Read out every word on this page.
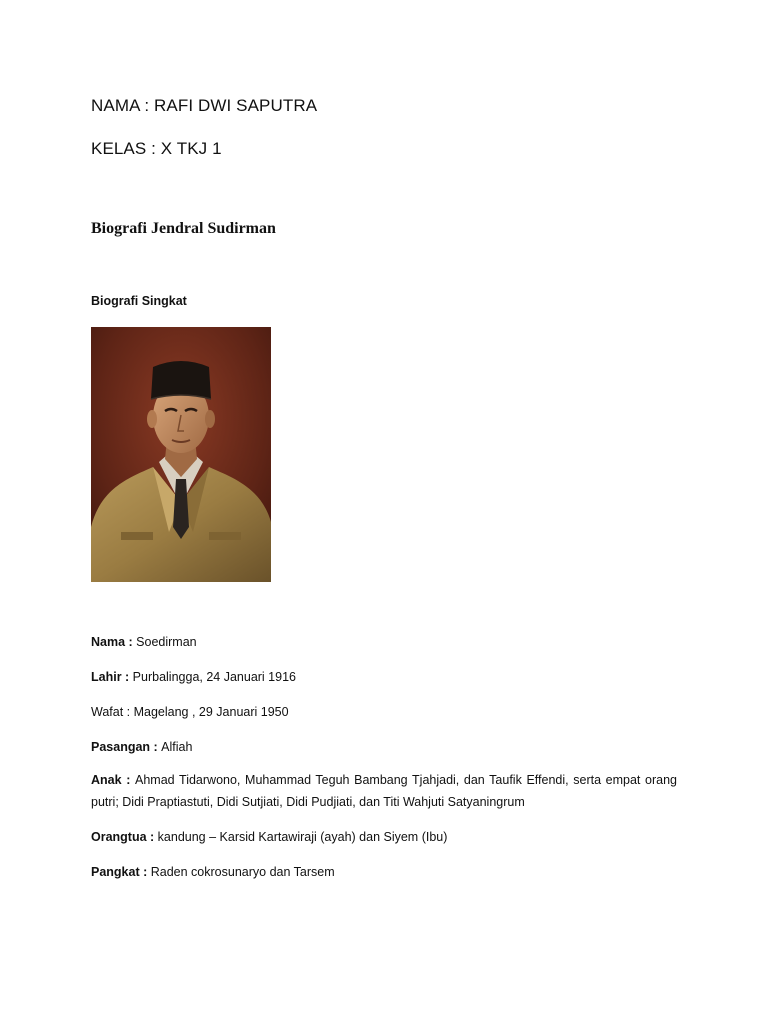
NAMA : RAFI DWI SAPUTRA
KELAS : X TKJ 1
Biografi Jendral Sudirman
Biografi Singkat
Nama : Soedirman
Lahir : Purbalingga, 24 Januari 1916
Wafat : Magelang , 29 Januari 1950
Pasangan : Alfiah
Anak : Ahmad Tidarwono, Muhammad Teguh Bambang Tjahjadi, dan Taufik Effendi, serta empat orang putri; Didi Praptiastuti, Didi Sutjiati, Didi Pudjiati, dan Titi Wahjuti Satyaningrum
Orangtua : kandung – Karsid Kartawiraji (ayah) dan Siyem (Ibu)
Pangkat : Raden cokrosunaryo dan Tarsem
